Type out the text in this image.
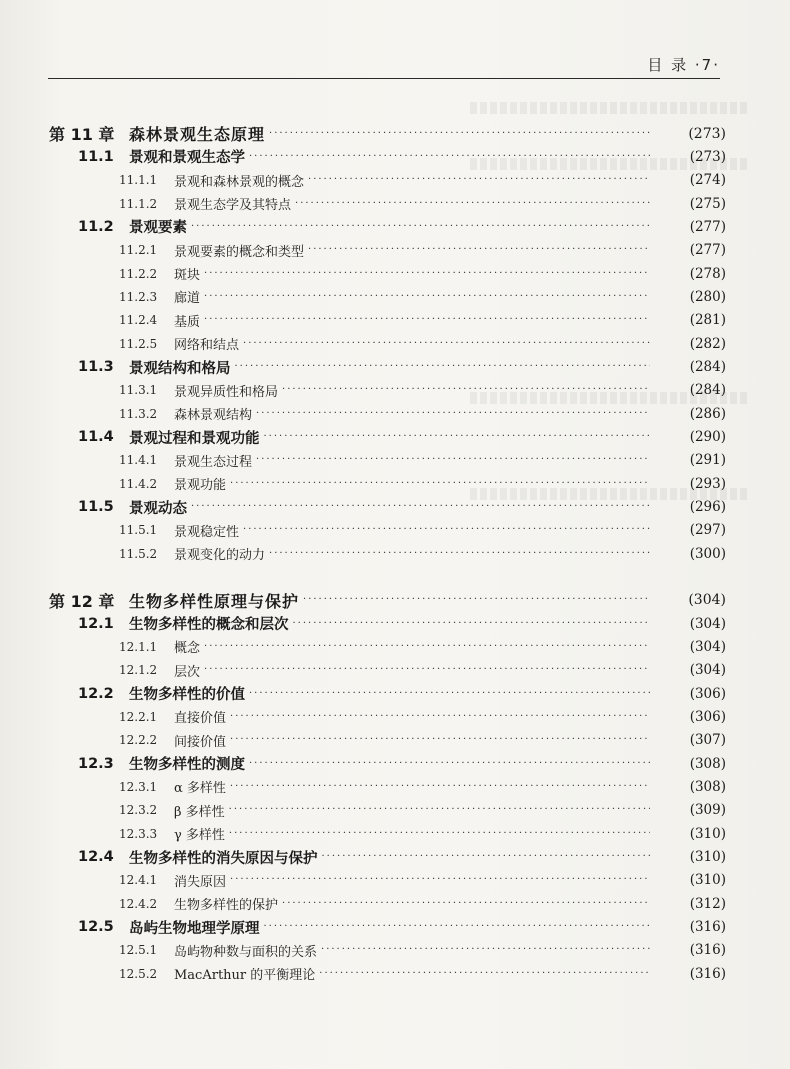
目 录 ·7·
第 11 章 森林景观生态原理 ·····	(273)
11.1	景观和景观生态学 ·····	(273)
11.1.1	景观和森林景观的概念 ·····	(274)
11.1.2	景观生态学及其特点 ·····	(275)
11.2	景观要素 ·····	(277)
11.2.1	景观要素的概念和类型 ·····	(277)
11.2.2	斑块 ·····	(278)
11.2.3	廊道 ·····	(280)
11.2.4	基质 ·····	(281)
11.2.5	网络和结点 ·····	(282)
11.3	景观结构和格局 ·····	(284)
11.3.1	景观异质性和格局 ·····	(284)
11.3.2	森林景观结构 ·····	(286)
11.4	景观过程和景观功能 ·····	(290)
11.4.1	景观生态过程 ·····	(291)
11.4.2	景观功能 ·····	(293)
11.5	景观动态 ·····	(296)
11.5.1	景观稳定性 ·····	(297)
11.5.2	景观变化的动力 ·····	(300)
第 12 章 生物多样性原理与保护 ·····	(304)
12.1	生物多样性的概念和层次 ·····	(304)
12.1.1	概念 ·····	(304)
12.1.2	层次 ·····	(304)
12.2	生物多样性的价值 ·····	(306)
12.2.1	直接价值 ·····	(306)
12.2.2	间接价值 ·····	(307)
12.3	生物多样性的测度 ·····	(308)
12.3.1	α 多样性 ·····	(308)
12.3.2	β 多样性 ·····	(309)
12.3.3	γ 多样性 ·····	(310)
12.4	生物多样性的消失原因与保护 ·····	(310)
12.4.1	消失原因 ·····	(310)
12.4.2	生物多样性的保护 ·····	(312)
12.5	岛屿生物地理学原理 ·····	(316)
12.5.1	岛屿物种数与面积的关系 ·····	(316)
12.5.2	MacArthur 的平衡理论 ·····	(316)
